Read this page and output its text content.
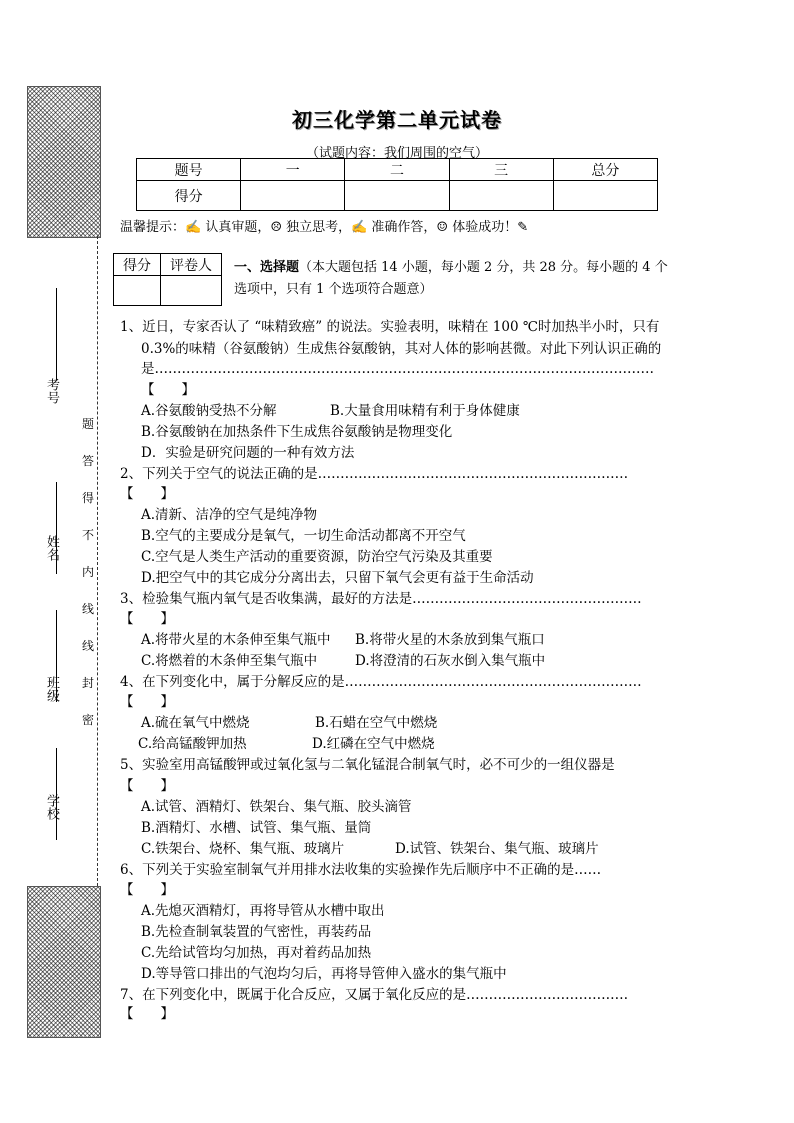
考号
姓名
班级
学校
题
答
得
不
内
线
线
封
密
初三化学第二单元试卷
（试题内容：我们周围的空气）
题号	一	二	三	总分
得分				
温馨提示：✍ 认真审题，☹ 独立思考，✍ 准确作答，☺ 体验成功！✎
得分	评卷人
	一、选择题（本大题包括 14 小题，每小题 2 分，共 28 分。每小题的 4 个选项中，只有 1 个选项符合题意）
1、近日，专家否认了 “味精致癌” 的说法。实验表明，味精在 100 ℃时加热半小时，只有
0.3%的味精（谷氨酸钠）生成焦谷氨酸钠，其对人体的影响甚微。对此下列认识正确的
是…………………………………………………………………………………………………
【　　】
A.谷氨酸钠受热不分解	B.大量食用味精有利于身体健康
B.谷氨酸钠在加热条件下生成焦谷氨酸钠是物理变化
D．实验是研究问题的一种有效方法
2、下列关于空气的说法正确的是……………………………………………………………
【　　】
A.清新、洁净的空气是纯净物
B.空气的主要成分是氧气，一切生命活动都离不开空气
C.空气是人类生产活动的重要资源，防治空气污染及其重要
D.把空气中的其它成分分离出去，只留下氧气会更有益于生命活动
3、检验集气瓶内氧气是否收集满，最好的方法是……………………………………………
【　　】
A.将带火星的木条伸至集气瓶中 B.将带火星的木条放到集气瓶口
C.将燃着的木条伸至集气瓶中	D.将澄清的石灰水倒入集气瓶中
4、在下列变化中，属于分解反应的是…………………………………………………………
【　　】
A.硫在氧气中燃烧	B.石蜡在空气中燃烧
C.给高锰酸钾加热	D.红磷在空气中燃烧
5、实验室用高锰酸钾或过氧化氢与二氧化锰混合制氧气时，必不可少的一组仪器是
【　　】
A.试管、酒精灯、铁架台、集气瓶、胶头滴管
B.酒精灯、水槽、试管、集气瓶、量筒
C.铁架台、烧杯、集气瓶、玻璃片	D.试管、铁架台、集气瓶、玻璃片
6、下列关于实验室制氧气并用排水法收集的实验操作先后顺序中不正确的是……
【　　】
A.先熄灭酒精灯，再将导管从水槽中取出
B.先检查制氧装置的气密性，再装药品
C.先给试管均匀加热，再对着药品加热
D.等导管口排出的气泡均匀后，再将导管伸入盛水的集气瓶中
7、在下列变化中，既属于化合反应，又属于氧化反应的是………………………………
【　　】
